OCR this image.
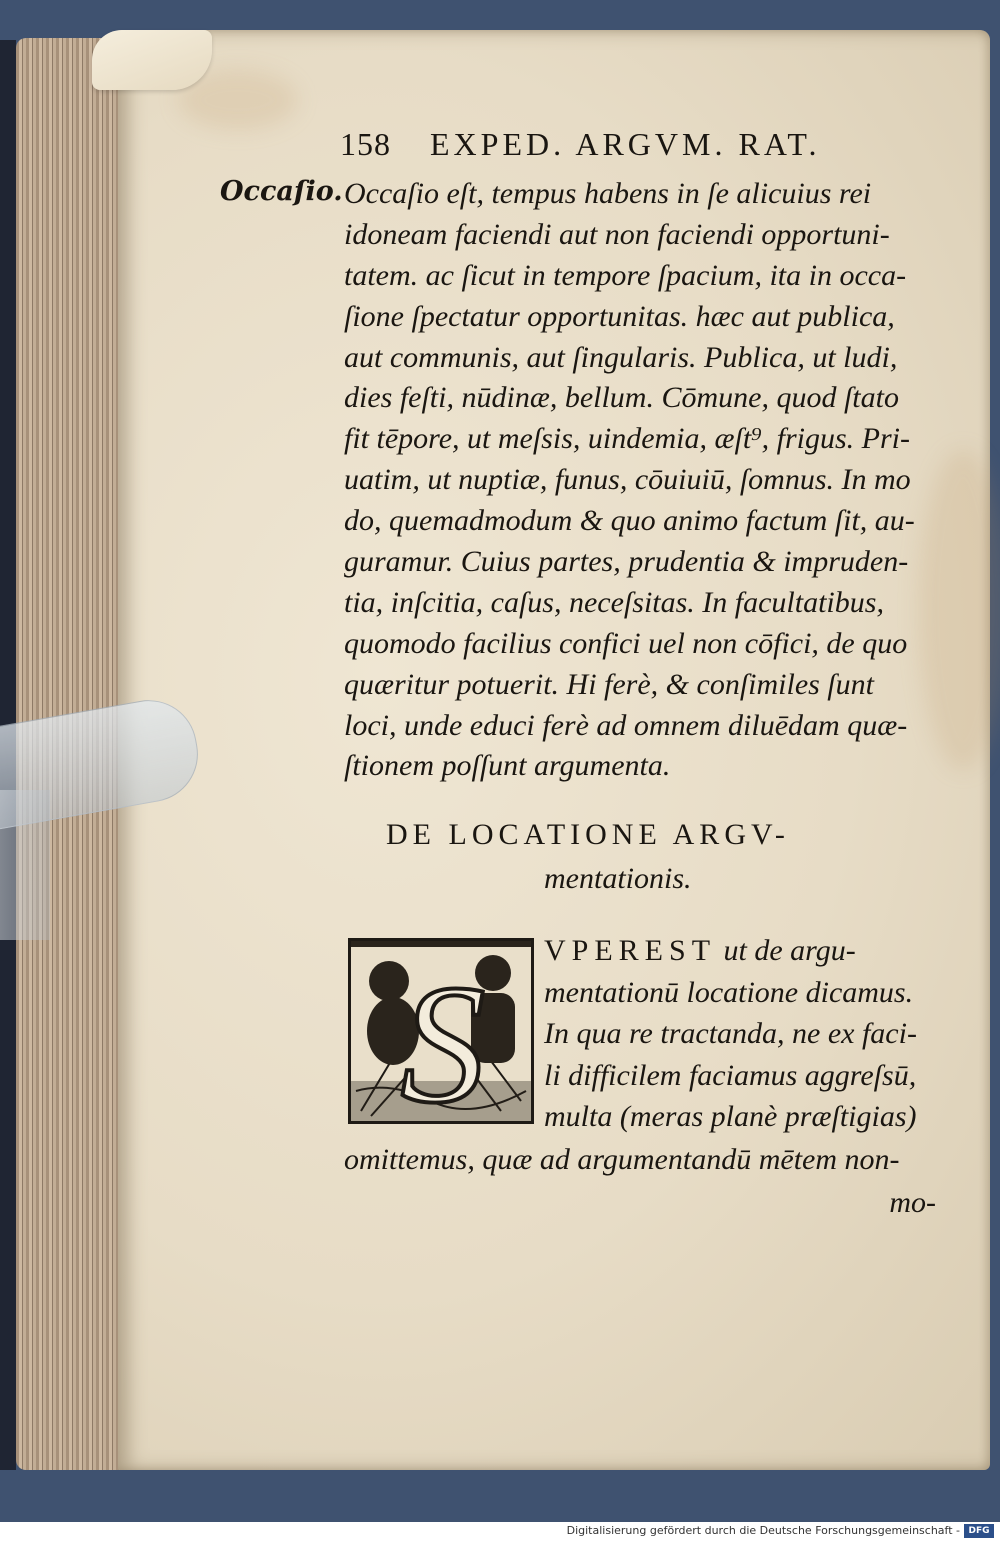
158 EXPED. ARGVM. RAT.
Occaſio. Occaſio eſt, tempus habens in ſe alicuius rei
idoneam faciendi aut non faciendi opportuni-
tatem. ac ſicut in tempore ſpacium, ita in occa-
ſione ſpectatur opportunitas. hæc aut publica,
aut communis, aut ſingularis. Publica, ut ludi,
dies feſti, nūdinæ, bellum. Cōmune, quod ſtato
fit tēpore, ut meſsis, uindemia, æſt⁹, frigus. Pri-
uatim, ut nuptiæ, funus, cōuiuiū, ſomnus. In mo
do, quemadmodum & quo animo factum ſit, au-
guramur. Cuius partes, prudentia & impruden-
tia, inſcitia, caſus, neceſsitas. In facultatibus,
quomodo facilius confici uel non cōfici, de quo
quæritur potuerit. Hi ferè, & conſimiles ſunt
loci, unde educi ferè ad omnem diluēdam quæ-
ſtionem poſſunt argumenta.
DE LOCATIONE ARGV-
mentationis.
S VPEREST ut de argu-
mentationū locatione dicamus.
In qua re tractanda, ne ex faci-
li difficilem faciamus aggreſsū,
multa (meras planè præſtigias)
omittemus, quæ ad argumentandū mētem non-
mo-
Digitalisierung gefördert durch die Deutsche Forschungsgemeinschaft - DFG
